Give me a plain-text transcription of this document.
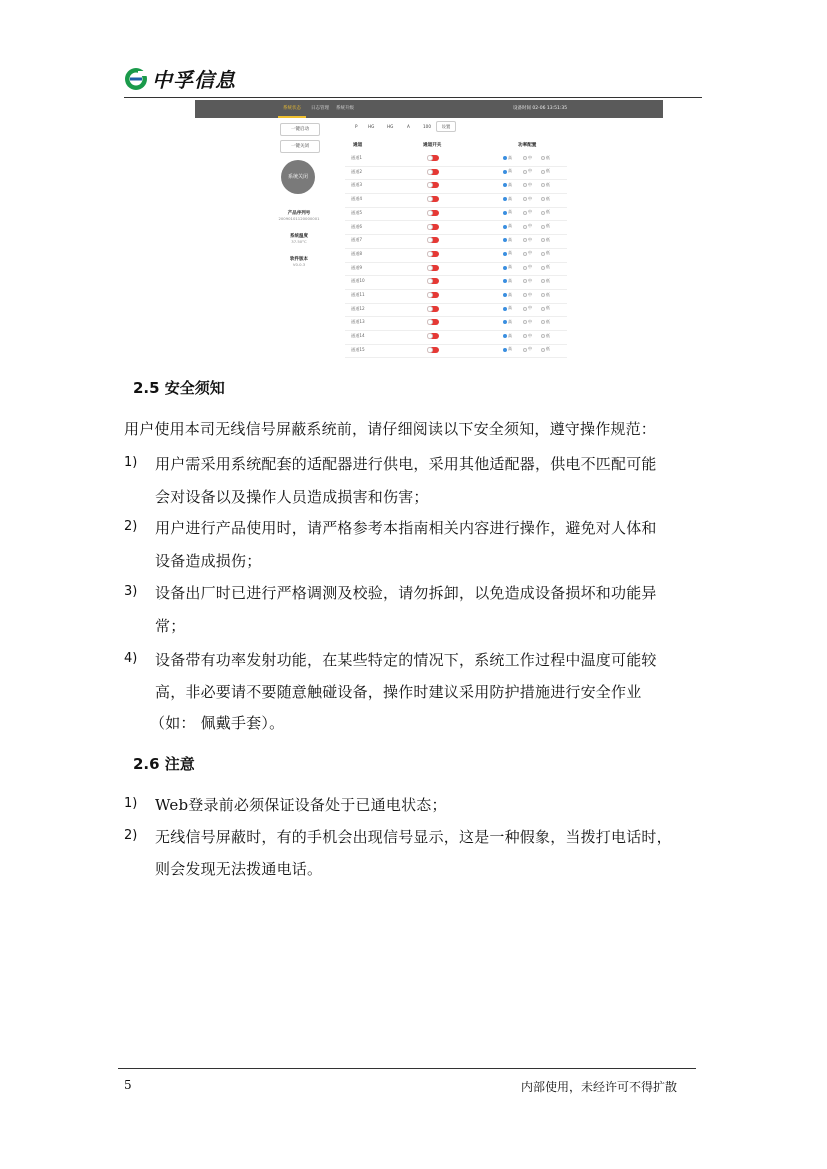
中孚信息
系统状态 日志管理 系统升级	设备时间 02-06 13:51:35
一键启动
一键关闭
系统关闭
产品序列号
20090101120000001
系统温度
37.50°C
软件版本
V0.0.3
P HG	HG	A	100	设置
通道	通道开关	功率配置
通道1	高	中	低
通道2	高	中	低
通道3	高	中	低
通道4	高	中	低
通道5	高	中	低
通道6	高	中	低
通道7	高	中	低
通道8	高	中	低
通道9	高	中	低
通道10	高	中	低
通道11	高	中	低
通道12	高	中	低
通道13	高	中	低
通道14	高	中	低
通道15	高	中	低
2.5 安全须知
用户使用本司无线信号屏蔽系统前，请仔细阅读以下安全须知，遵守操作规范：
1) 用户需采用系统配套的适配器进行供电，采用其他适配器，供电不匹配可能
会对设备以及操作人员造成损害和伤害；
2) 用户进行产品使用时，请严格参考本指南相关内容进行操作，避免对人体和
设备造成损伤；
3) 设备出厂时已进行严格调测及校验，请勿拆卸，以免造成设备损坏和功能异
常；
4) 设备带有功率发射功能，在某些特定的情况下，系统工作过程中温度可能较
高，非必要请不要随意触碰设备，操作时建议采用防护措施进行安全作业
（如： 佩戴手套）。
2.6 注意
1) Web登录前必须保证设备处于已通电状态；
2) 无线信号屏蔽时，有的手机会出现信号显示，这是一种假象，当拨打电话时，
则会发现无法拨通电话。
5	内部使用，未经许可不得扩散
